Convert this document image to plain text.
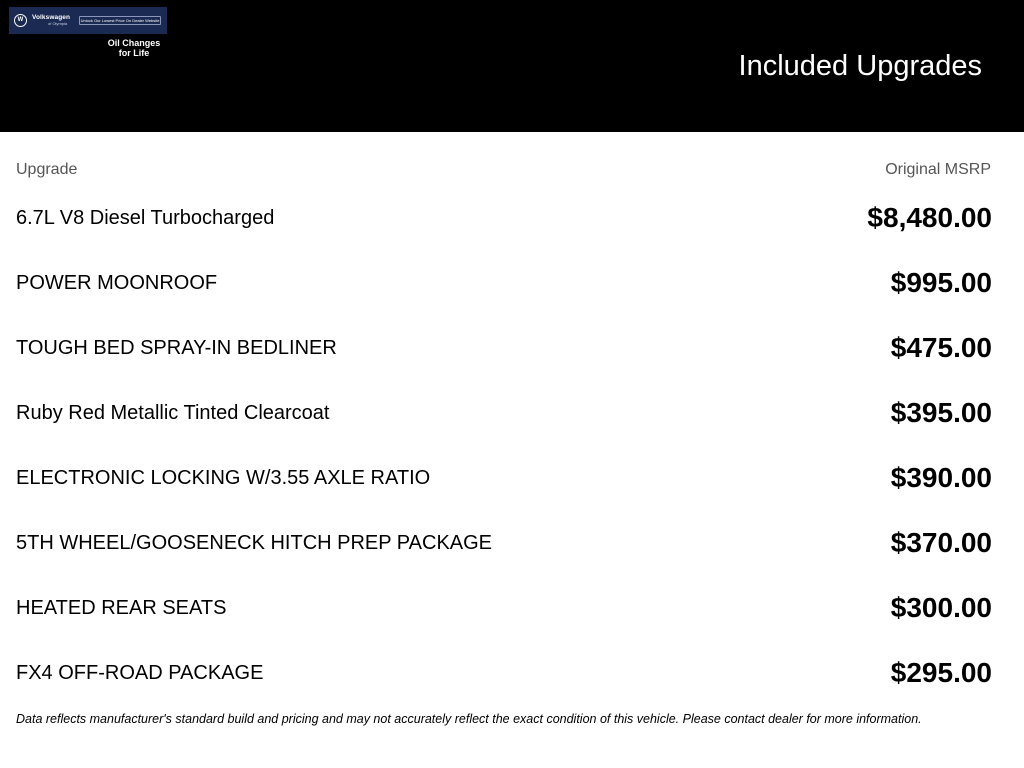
W	Volkswagen
of Olympia
Unlock Our Lowest Price On Dealer Website
Oil Changes for Life	Included Upgrades
Upgrade	Original MSRP
6.7L V8 Diesel Turbocharged	$8,480.00
POWER MOONROOF	$995.00
TOUGH BED SPRAY-IN BEDLINER	$475.00
Ruby Red Metallic Tinted Clearcoat	$395.00
ELECTRONIC LOCKING W/3.55 AXLE RATIO	$390.00
5TH WHEEL/GOOSENECK HITCH PREP PACKAGE	$370.00
HEATED REAR SEATS	$300.00
FX4 OFF-ROAD PACKAGE	$295.00
Data reflects manufacturer's standard build and pricing and may not accurately reflect the exact condition of this vehicle. Please contact dealer for more information.
